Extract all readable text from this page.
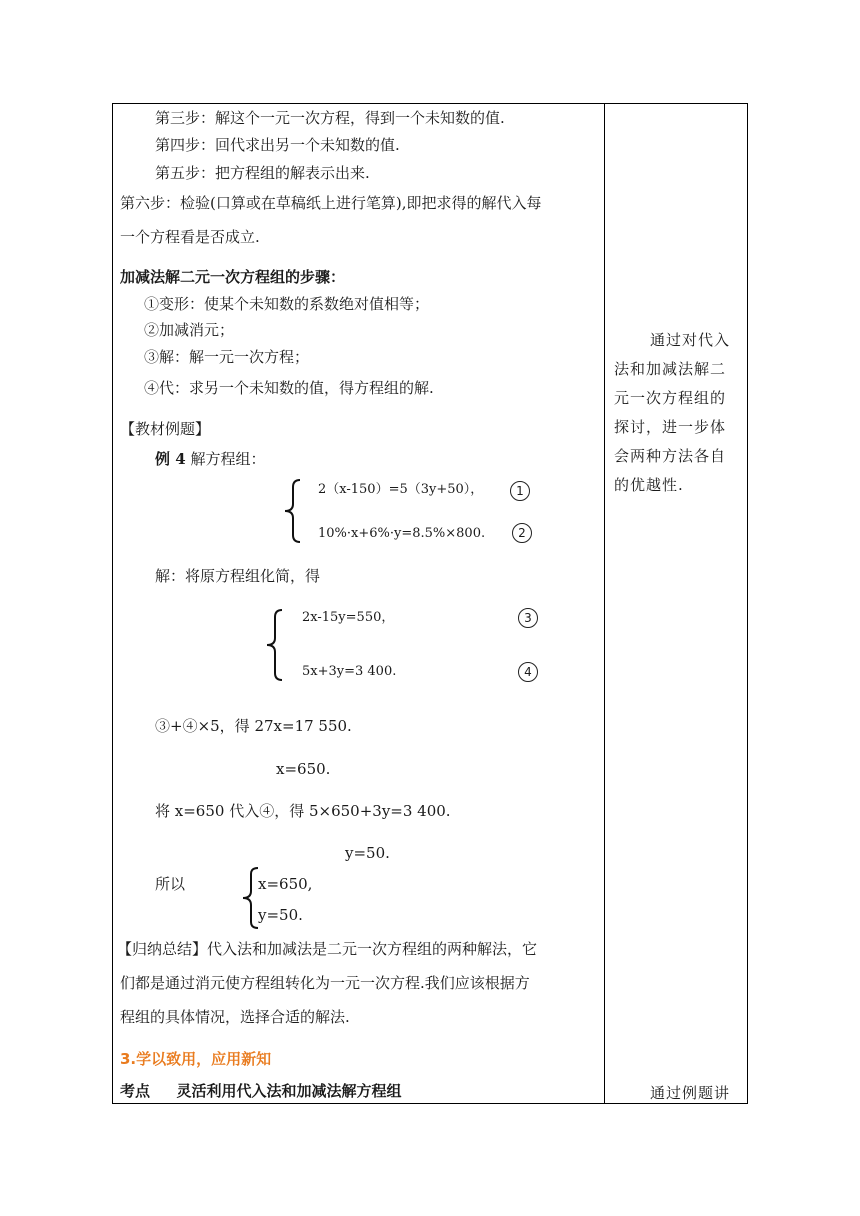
第三步：解这个一元一次方程，得到一个未知数的值.
第四步：回代求出另一个未知数的值.
第五步：把方程组的解表示出来.
第六步：检验(口算或在草稿纸上进行笔算),即把求得的解代入每
一个方程看是否成立.
加减法解二元一次方程组的步骤：
①变形：使某个未知数的系数绝对值相等；
②加减消元；
③解：解一元一次方程；
④代：求另一个未知数的值，得方程组的解.
【教材例题】
例 4 解方程组：
2（x-150）=5（3y+50），	1
10%·x+6%·y=8.5%×800.	2
解：将原方程组化简，得
2x-15y=550，	3
5x+3y=3 400.	4
③+④×5，得 27x=17 550.
x=650.
将 x=650 代入④，得 5×650+3y=3 400.
y=50.
所以	x=650,
y=50.
【归纳总结】代入法和加减法是二元一次方程组的两种解法，它
们都是通过消元使方程组转化为一元一次方程.我们应该根据方
程组的具体情况，选择合适的解法.
3.学以致用，应用新知
考点 灵活利用代入法和加减法解方程组
通过对代入
法和加减法解二
元一次方程组的
探讨，进一步体
会两种方法各自
的优越性.
通过例题讲
